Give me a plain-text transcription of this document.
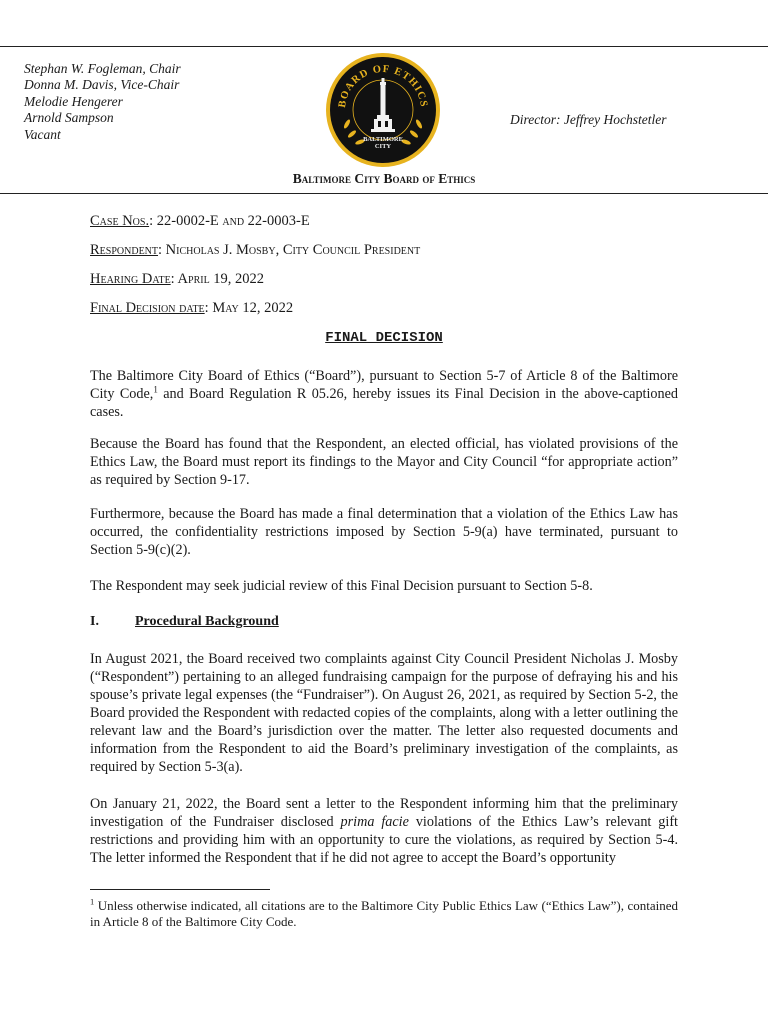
Stephan W. Fogleman, Chair
Donna M. Davis, Vice-Chair
Melodie Hengerer
Arnold Sampson
Vacant
BOARD OF ETHICS
BALTIMORE
CITY
Director: Jeffrey Hochstetler
Baltimore City Board of Ethics
Case Nos.: 22-0002-E and 22-0003-E
Respondent: Nicholas J. Mosby, City Council President
Hearing Date: April 19, 2022
Final Decision date: May 12, 2022
FINAL DECISION

The Baltimore City Board of Ethics (“Board”), pursuant to Section 5-7 of Article 8 of the Baltimore City Code,$^1$ and Board Regulation R 05.26, hereby issues its Final Decision in the above-captioned cases.

Because the Board has found that the Respondent, an elected official, has violated provisions of the Ethics Law, the Board must report its findings to the Mayor and City Council “for appropriate action” as required by Section 9-17.

Furthermore, because the Board has made a final determination that a violation of the Ethics Law has occurred, the confidentiality restrictions imposed by Section 5-9(a) have terminated, pursuant to Section 5-9(c)(2).

The Respondent may seek judicial review of this Final Decision pursuant to Section 5-8.

I.	Procedural Background

In August 2021, the Board received two complaints against City Council President Nicholas J. Mosby (“Respondent”) pertaining to an alleged fundraising campaign for the purpose of defraying his and his spouse’s private legal expenses (the “Fundraiser”). On August 26, 2021, as required by Section 5-2, the Board provided the Respondent with redacted copies of the complaints, along with a letter outlining the relevant law and the Board’s jurisdiction over the matter. The letter also requested documents and information from the Respondent to aid the Board’s preliminary investigation of the complaints, as required by Section 5-3(a).

On January 21, 2022, the Board sent a letter to the Respondent informing him that the preliminary investigation of the Fundraiser disclosed prima facie violations of the Ethics Law’s relevant gift restrictions and providing him with an opportunity to cure the violations, as required by Section 5-4. The letter informed the Respondent that if he did not agree to accept the Board’s opportunity

$^1$ Unless otherwise indicated, all citations are to the Baltimore City Public Ethics Law (“Ethics Law”), contained in Article 8 of the Baltimore City Code.
